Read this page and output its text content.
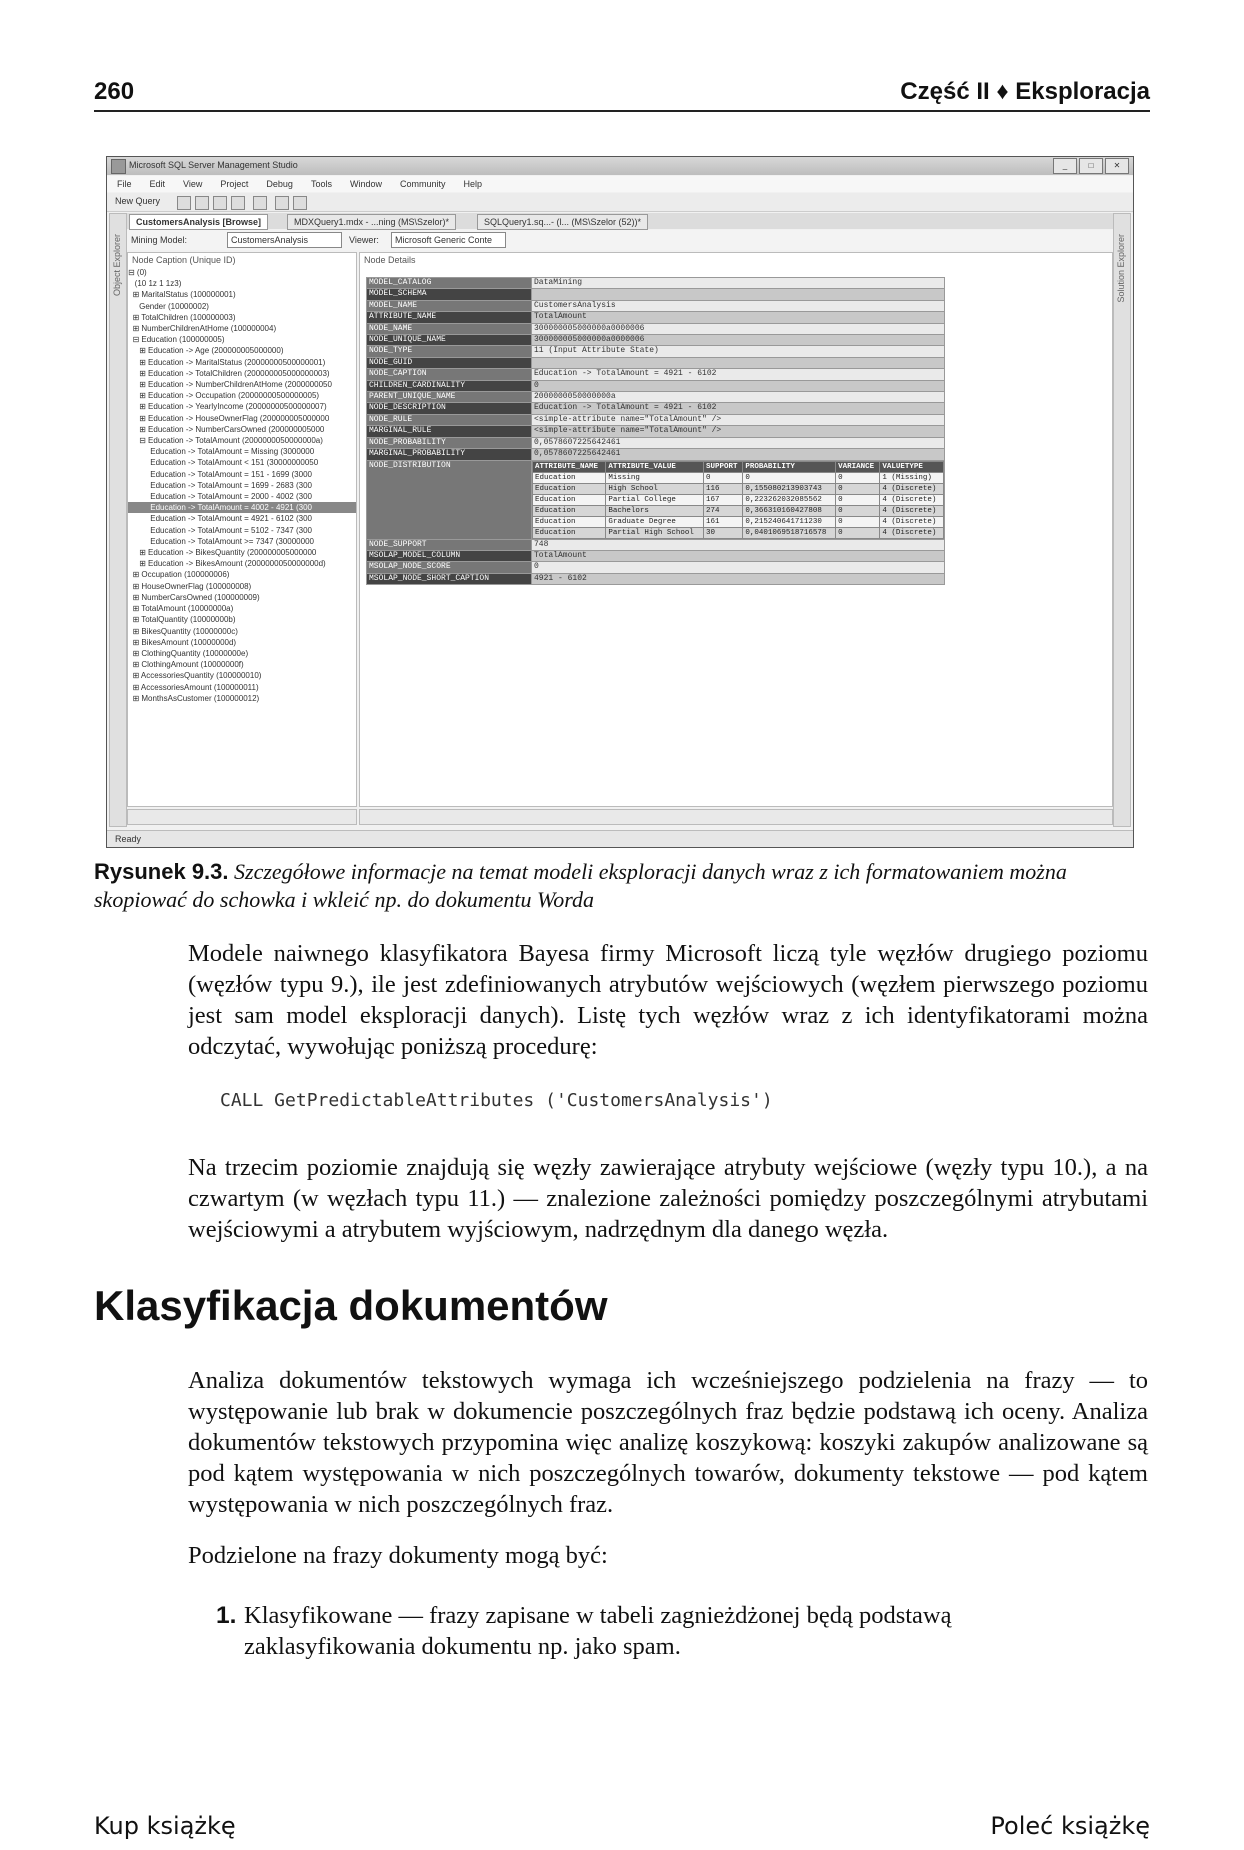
260	Część II ♦ Eksploracja
Microsoft SQL Server Management Studio	_	□	✕
File Edit View Project Debug Tools Window Community Help
New Query
Object Explorer	Solution Explorer
CustomersAnalysis [Browse]	MDXQuery1.mdx - ...ning (MS\Szelor)*	SQLQuery1.sq...- (l... (MS\Szelor (52))*
Mining Model:	CustomersAnalysis	Viewer:	Microsoft Generic Conte
Node Caption (Unique ID)
⊟ (0)
(10 1z 1 1z3)
⊞ MaritalStatus (100000001)
Gender (10000002)
⊞ TotalChildren (100000003)
⊞ NumberChildrenAtHome (100000004)
⊟ Education (100000005)
⊞ Education -> Age (200000005000000)
⊞ Education -> MaritalStatus (20000000500000001)
⊞ Education -> TotalChildren (200000005000000003)
⊞ Education -> NumberChildrenAtHome (2000000050
⊞ Education -> Occupation (20000000500000005)
⊞ Education -> YearlyIncome (20000000500000007)
⊞ Education -> HouseOwnerFlag (200000005000000
⊞ Education -> NumberCarsOwned (200000005000
⊟ Education -> TotalAmount (2000000050000000a)
Education -> TotalAmount = Missing (3000000
Education -> TotalAmount < 151 (30000000050
Education -> TotalAmount = 151 - 1699 (3000
Education -> TotalAmount = 1699 - 2683 (300
Education -> TotalAmount = 2000 - 4002 (300
Education -> TotalAmount = 4002 - 4921 (300
Education -> TotalAmount = 4921 - 6102 (300
Education -> TotalAmount = 5102 - 7347 (300
Education -> TotalAmount >= 7347 (30000000
⊞ Education -> BikesQuantity (200000005000000
⊞ Education -> BikesAmount (2000000050000000d)
⊞ Occupation (100000006)
⊞ HouseOwnerFlag (100000008)
⊞ NumberCarsOwned (100000009)
⊞ TotalAmount (10000000a)
⊞ TotalQuantity (10000000b)
⊞ BikesQuantity (10000000c)
⊞ BikesAmount (10000000d)
⊞ ClothingQuantity (10000000e)
⊞ ClothingAmount (10000000f)
⊞ AccessoriesQuantity (100000010)
⊞ AccessoriesAmount (100000011)
⊞ MonthsAsCustomer (100000012)
Node Details
MODEL_CATALOG	DataMining
MODEL_SCHEMA	
MODEL_NAME	CustomersAnalysis
ATTRIBUTE_NAME	TotalAmount
NODE_NAME	300000005000000a0000006
NODE_UNIQUE_NAME	300000005000000a0000006
NODE_TYPE	11 (Input Attribute State)
NODE_GUID	
NODE_CAPTION	Education -> TotalAmount = 4921 - 6102
CHILDREN_CARDINALITY	0
PARENT_UNIQUE_NAME	2000000050000000a
NODE_DESCRIPTION	Education -> TotalAmount = 4921 - 6102
NODE_RULE	<simple-attribute name="TotalAmount" />
MARGINAL_RULE	<simple-attribute name="TotalAmount" />
NODE_PROBABILITY	0,0578607225642461
MARGINAL_PROBABILITY	0,0578607225642461
NODE_DISTRIBUTION		ATTRIBUTE_NAME	ATTRIBUTE_VALUE	SUPPORT	PROBABILITY	VARIANCE	VALUETYPE
Education	Missing	0	0	0	1 (Missing)
Education	High School	116	0,155080213903743	0	4 (Discrete)
Education	Partial College	167	0,223262032085562	0	4 (Discrete)
Education	Bachelors	274	0,366310160427808	0	4 (Discrete)
Education	Graduate Degree	161	0,215240641711230	0	4 (Discrete)
Education	Partial High School	30	0,0401069518716578	0	4 (Discrete)

NODE_SUPPORT	748
MSOLAP_MODEL_COLUMN	TotalAmount
MSOLAP_NODE_SCORE	0
MSOLAP_NODE_SHORT_CAPTION	4921 - 6102
Ready
Rysunek 9.3. Szczegółowe informacje na temat modeli eksploracji danych wraz z ich formatowaniem można skopiować do schowka i wkleić np. do dokumentu Worda
Modele naiwnego klasyfikatora Bayesa firmy Microsoft liczą tyle węzłów drugiego poziomu (węzłów typu 9.), ile jest zdefiniowanych atrybutów wejściowych (węzłem pierwszego poziomu jest sam model eksploracji danych). Listę tych węzłów wraz z ich identyfikatorami można odczytać, wywołując poniższą procedurę:
CALL GetPredictableAttributes ('CustomersAnalysis')
Na trzecim poziomie znajdują się węzły zawierające atrybuty wejściowe (węzły typu 10.), a na czwartym (w węzłach typu 11.) — znalezione zależności pomiędzy poszczególnymi atrybutami wejściowymi a atrybutem wyjściowym, nadrzędnym dla danego węzła.
Klasyfikacja dokumentów
Analiza dokumentów tekstowych wymaga ich wcześniejszego podzielenia na frazy — to występowanie lub brak w dokumencie poszczególnych fraz będzie podstawą ich oceny. Analiza dokumentów tekstowych przypomina więc analizę koszykową: koszyki zakupów analizowane są pod kątem występowania w nich poszczególnych towarów, dokumenty tekstowe — pod kątem występowania w nich poszczególnych fraz.
Podzielone na frazy dokumenty mogą być:
1. Klasyfikowane — frazy zapisane w tabeli zagnieżdżonej będą podstawą zaklasyfikowania dokumentu np. jako spam.
Kup książkę	Poleć książkę
